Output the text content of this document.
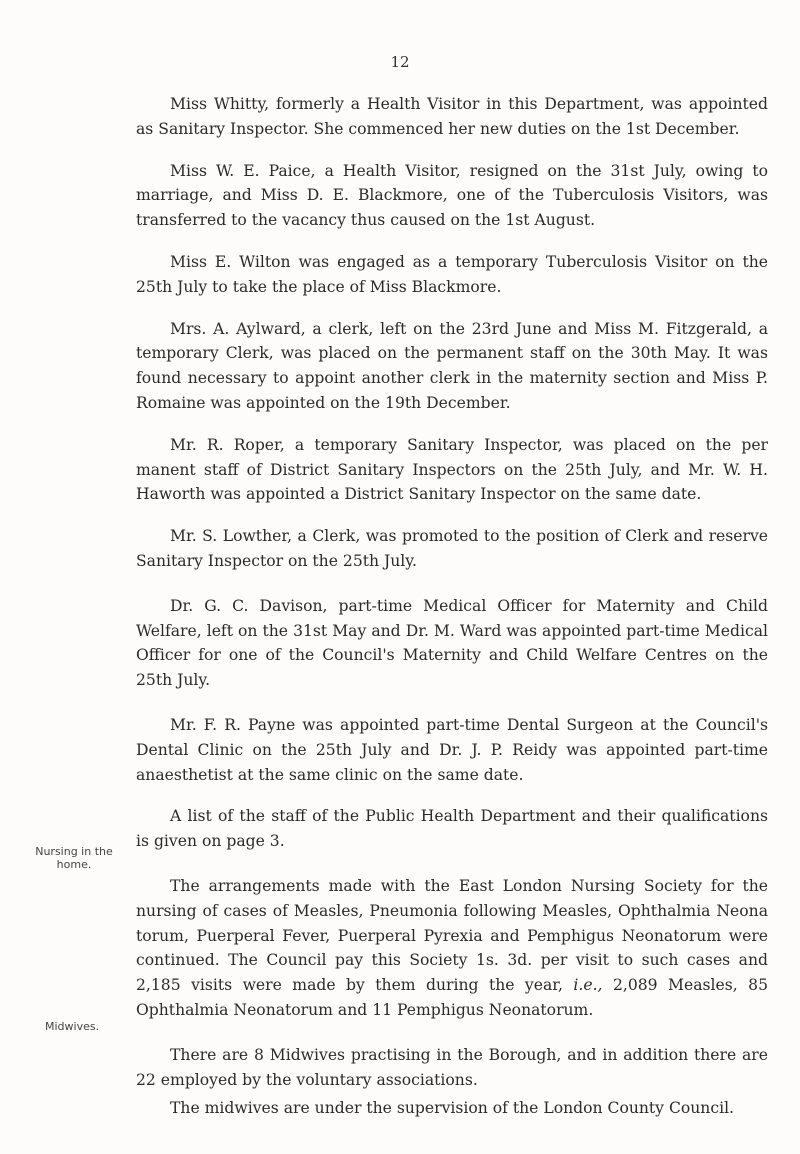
12
Nursing in the home.
Midwives.

Miss Whitty, formerly a Health Visitor in this Department, was appointed as Sanitary Inspector. She commenced her new duties on the 1st December.

Miss W. E. Paice, a Health Visitor, resigned on the 31st July, owing to marriage, and Miss D. E. Blackmore, one of the Tuberculosis Visitors, was transferred to the vacancy thus caused on the 1st August.

Miss E. Wilton was engaged as a temporary Tuberculosis Visitor on the 25th July to take the place of Miss Blackmore.

Mrs. A. Aylward, a clerk, left on the 23rd June and Miss M. Fitzgerald, a temporary Clerk, was placed on the permanent staff on the 30th May. It was found necessary to appoint another clerk in the maternity section and Miss P. Romaine was appointed on the 19th December.

Mr. R. Roper, a temporary Sanitary Inspector, was placed on the per manent staff of District Sanitary Inspectors on the 25th July, and Mr. W. H. Haworth was appointed a District Sanitary Inspector on the same date.

Mr. S. Lowther, a Clerk, was promoted to the position of Clerk and reserve Sanitary Inspector on the 25th July.

Dr. G. C. Davison, part-time Medical Officer for Maternity and Child Welfare, left on the 31st May and Dr. M. Ward was appointed part-time Medical Officer for one of the Council's Maternity and Child Welfare Centres on the 25th July.

Mr. F. R. Payne was appointed part-time Dental Surgeon at the Council's Dental Clinic on the 25th July and Dr. J. P. Reidy was appointed part-time anaesthetist at the same clinic on the same date.

A list of the staff of the Public Health Department and their qualifications is given on page 3.

The arrangements made with the East London Nursing Society for the nursing of cases of Measles, Pneumonia following Measles, Ophthalmia Neona torum, Puerperal Fever, Puerperal Pyrexia and Pemphigus Neonatorum were continued. The Council pay this Society 1s. 3d. per visit to such cases and 2,185 visits were made by them during the year, i.e., 2,089 Measles, 85 Ophthalmia Neonatorum and 11 Pemphigus Neonatorum.

There are 8 Midwives practising in the Borough, and in addition there are 22 employed by the voluntary associations.

The midwives are under the supervision of the London County Council.
